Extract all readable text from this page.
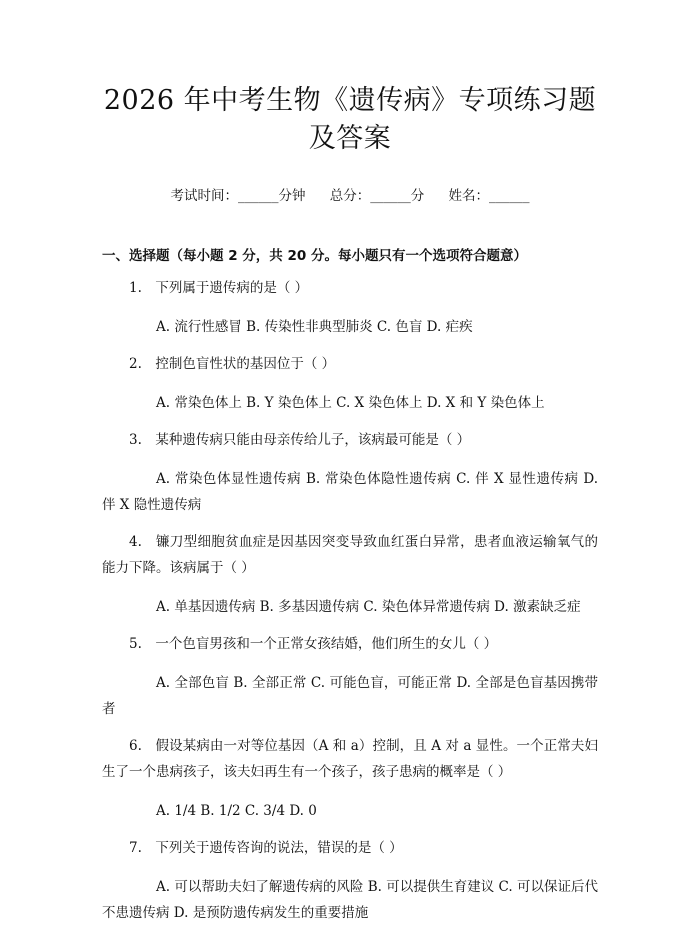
2026 年中考生物《遗传病》专项练习题及答案
考试时间：______分钟 总分：______分 姓名：______
一、选择题（每小题 2 分，共 20 分。每小题只有一个选项符合题意）
1.　下列属于遗传病的是（ ）
A. 流行性感冒 B. 传染性非典型肺炎 C. 色盲 D. 疟疾
2.　控制色盲性状的基因位于（ ）
A. 常染色体上 B. Y 染色体上 C. X 染色体上 D. X 和 Y 染色体上
3.　某种遗传病只能由母亲传给儿子，该病最可能是（ ）
A. 常染色体显性遗传病 B. 常染色体隐性遗传病 C. 伴 X 显性遗传病 D. 伴 X 隐性遗传病
4.　镰刀型细胞贫血症是因基因突变导致血红蛋白异常，患者血液运输氧气的能力下降。该病属于（ ）
A. 单基因遗传病 B. 多基因遗传病 C. 染色体异常遗传病 D. 激素缺乏症
5.　一个色盲男孩和一个正常女孩结婚，他们所生的女儿（ ）
A. 全部色盲 B. 全部正常 C. 可能色盲，可能正常 D. 全部是色盲基因携带者
6.　假设某病由一对等位基因（A 和 a）控制，且 A 对 a 显性。一个正常夫妇生了一个患病孩子，该夫妇再生有一个孩子，孩子患病的概率是（ ）
A. 1/4 B. 1/2 C. 3/4 D. 0
7.　下列关于遗传咨询的说法，错误的是（ ）
A. 可以帮助夫妇了解遗传病的风险 B. 可以提供生育建议 C. 可以保证后代不患遗传病 D. 是预防遗传病发生的重要措施
